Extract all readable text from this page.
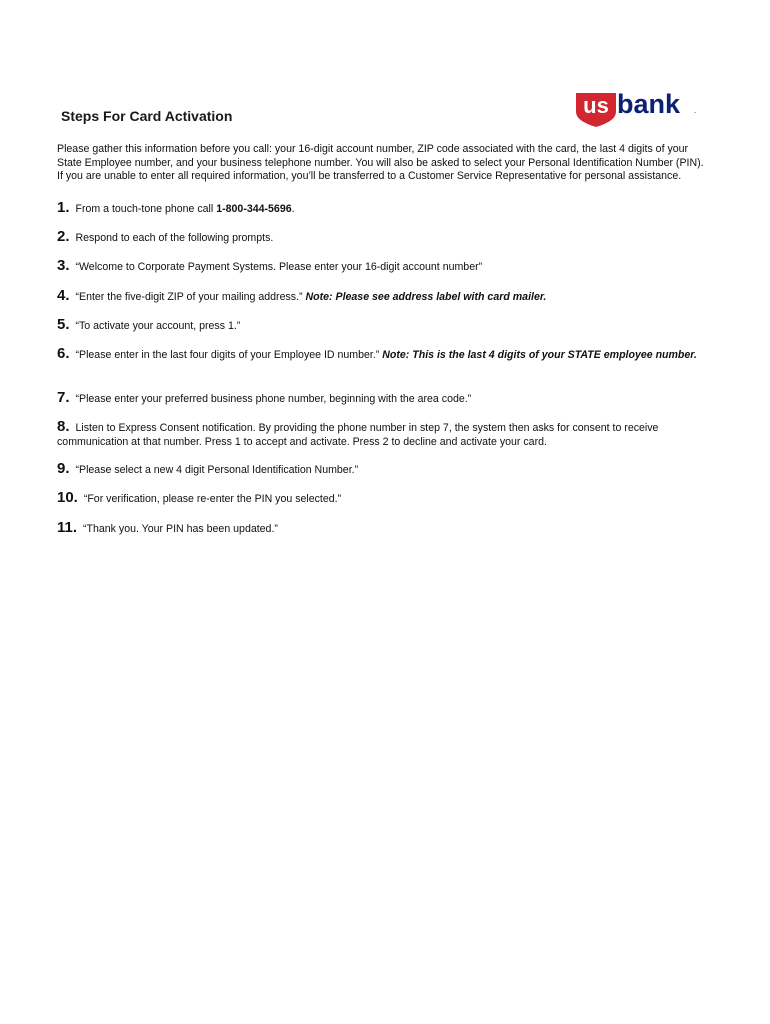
Steps For Card Activation	us bank .
Please gather this information before you call: your 16-digit account number, ZIP code associated with the card, the last 4 digits of your State Employee number, and your business telephone number. You will also be asked to select your Personal Identification Number (PIN). If you are unable to enter all required information, you’ll be transferred to a Customer Service Representative for personal assistance.
1. From a touch-tone phone call 1-800-344-5696.
2. Respond to each of the following prompts.
3. “Welcome to Corporate Payment Systems. Please enter your 16-digit account number”
4. “Enter the five-digit ZIP of your mailing address.” Note: Please see address label with card mailer.
5. “To activate your account, press 1.”
6. “Please enter in the last four digits of your Employee ID number.” Note: This is the last 4 digits of your STATE employee number.
7. “Please enter your preferred business phone number, beginning with the area code.”
8. Listen to Express Consent notification. By providing the phone number in step 7, the system then asks for consent to receive communication at that number. Press 1 to accept and activate. Press 2 to decline and activate your card.
9. “Please select a new 4 digit Personal Identification Number.”
10. “For verification, please re-enter the PIN you selected.”
11. “Thank you. Your PIN has been updated.”
